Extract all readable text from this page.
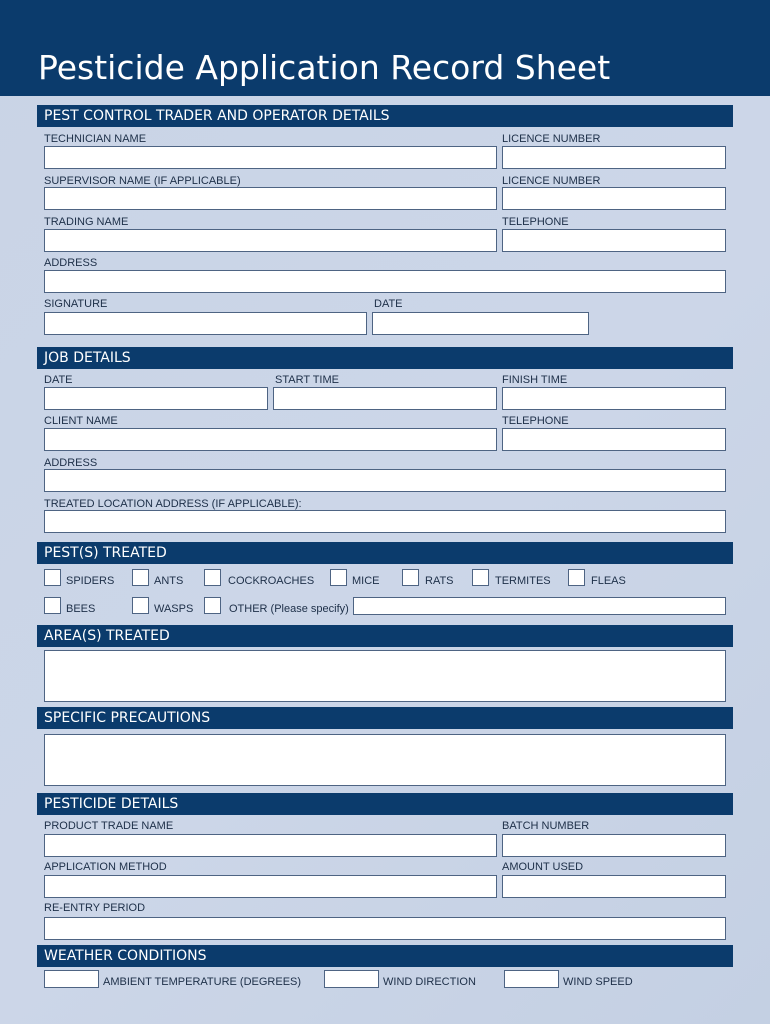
Pesticide Application Record Sheet
PEST CONTROL TRADER AND OPERATOR DETAILS
TECHNICIAN NAME	LICENCE NUMBER
SUPERVISOR NAME (IF APPLICABLE)	LICENCE NUMBER
TRADING NAME	TELEPHONE
ADDRESS
SIGNATURE	DATE
JOB DETAILS
DATE	START TIME	FINISH TIME
CLIENT NAME	TELEPHONE
ADDRESS
TREATED LOCATION ADDRESS (IF APPLICABLE):
PEST(S) TREATED
SPIDERS	ANTS	COCKROACHES	MICE	RATS	TERMITES	FLEAS
BEES	WASPS	OTHER (Please specify)
AREA(S) TREATED
SPECIFIC PRECAUTIONS
PESTICIDE DETAILS
PRODUCT TRADE NAME	BATCH NUMBER
APPLICATION METHOD	AMOUNT USED
RE-ENTRY PERIOD
WEATHER CONDITIONS
AMBIENT TEMPERATURE (DEGREES)	WIND DIRECTION	WIND SPEED
